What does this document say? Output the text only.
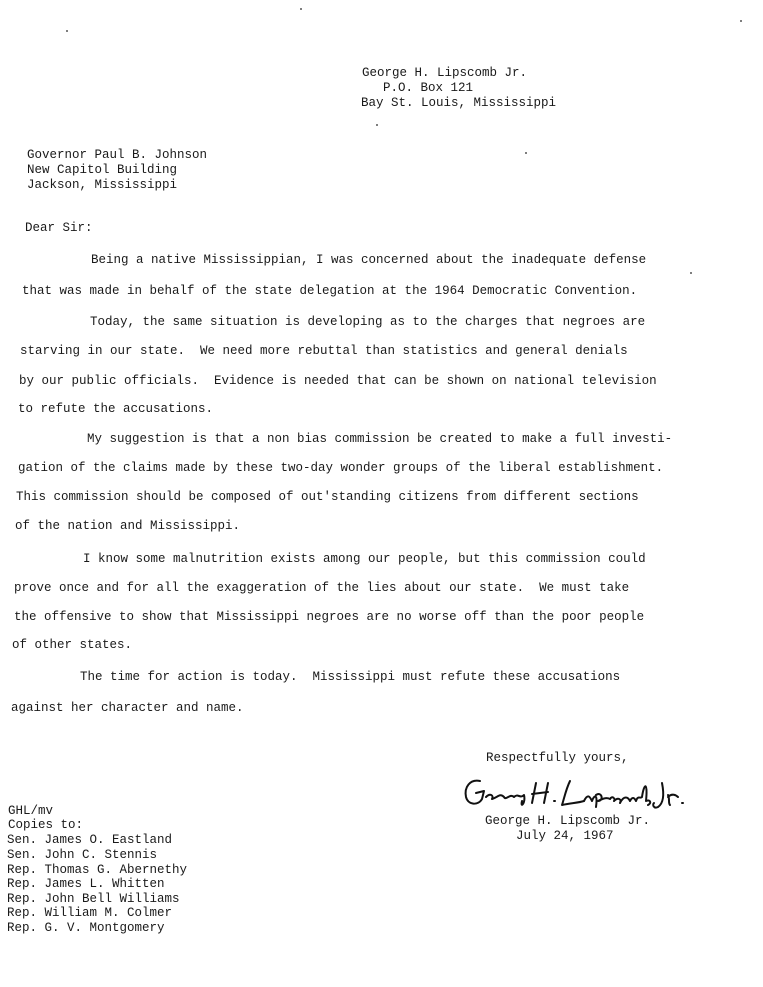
George H. Lipscomb Jr.
P.O. Box 121
Bay St. Louis, Mississippi
Governor Paul B. Johnson
New Capitol Building
Jackson, Mississippi
Dear Sir:
Being a native Mississippian, I was concerned about the inadequate defense
that was made in behalf of the state delegation at the 1964 Democratic Convention.
Today, the same situation is developing as to the charges that negroes are
starving in our state.  We need more rebuttal than statistics and general denials
by our public officials.  Evidence is needed that can be shown on national television
to refute the accusations.
My suggestion is that a non bias commission be created to make a full investi-
gation of the claims made by these two-day wonder groups of the liberal establishment.
This commission should be composed of out'standing citizens from different sections
of the nation and Mississippi.
I know some malnutrition exists among our people, but this commission could
prove once and for all the exaggeration of the lies about our state.  We must take
the offensive to show that Mississippi negroes are no worse off than the poor people
of other states.
The time for action is today.  Mississippi must refute these accusations
against her character and name.
Respectfully yours,
George H. Lipscomb Jr.
July 24, 1967
GHL/mv
Copies to:
Sen. James O. Eastland
Sen. John C. Stennis
Rep. Thomas G. Abernethy
Rep. James L. Whitten
Rep. John Bell Williams
Rep. William M. Colmer
Rep. G. V. Montgomery
